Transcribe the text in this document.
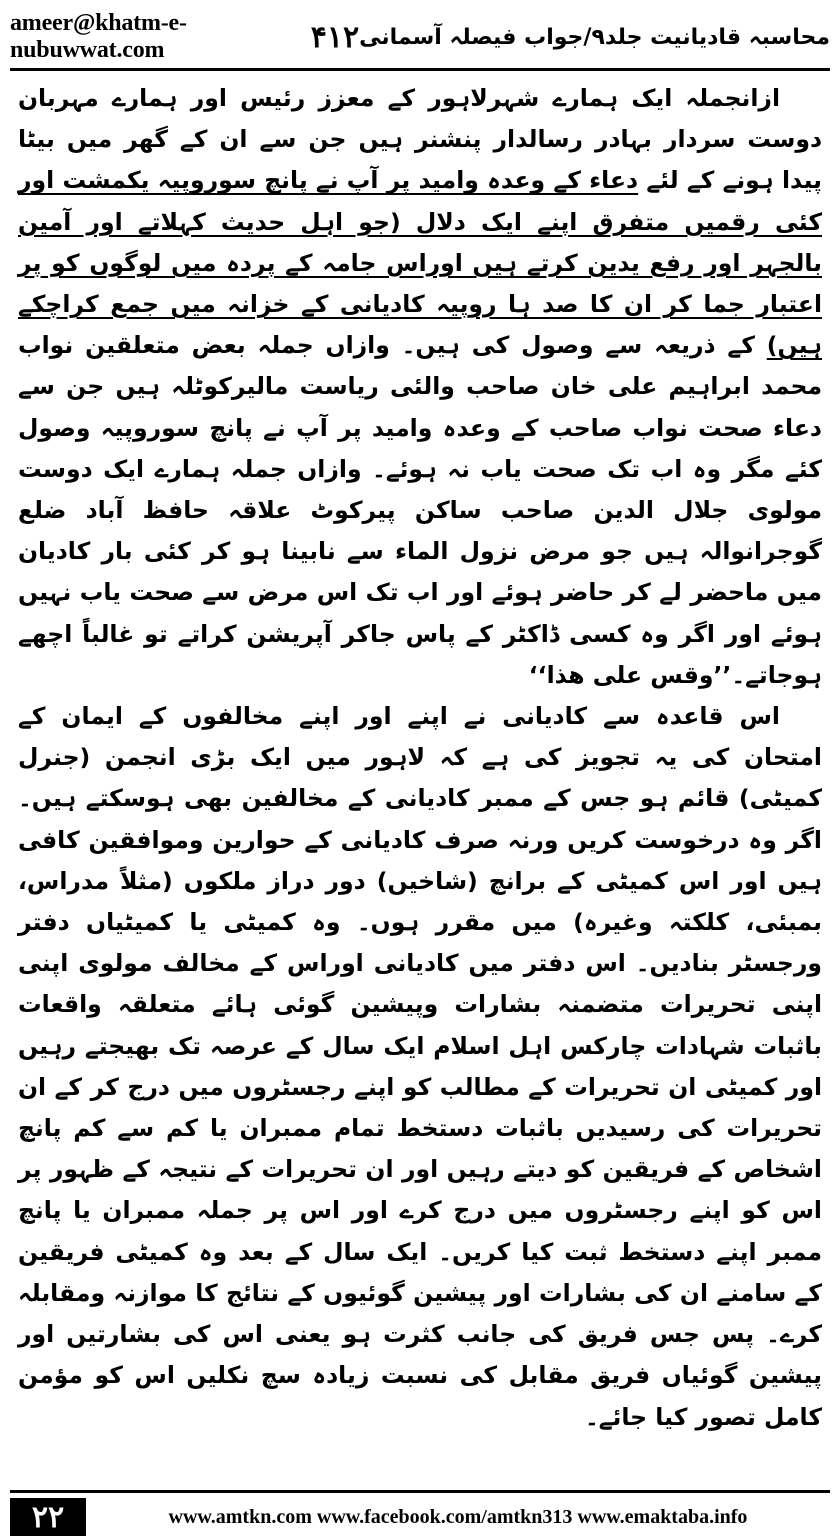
ameer@khatm-e-nubuwwat.com	۴۱۲ محاسبہ قادیانیت جلد۹/جواب فیصلہ آسمانی

ازانجملہ ایک ہمارے شہرلاہور کے معزز رئیس اور ہمارے مہربان دوست سردار بہادر رسالدار پنشنر ہیں جن سے ان کے گھر میں بیٹا پیدا ہونے کے لئے دعاء کے وعدہ وامید پر آپ نے پانچ سوروپیہ یکمشت اور کئی رقمیں متفرق اپنے ایک دلال (جو اہل حدیث کہلاتے اور آمین بالجہر اور رفع یدین کرتے ہیں اوراس جامہ کے پردہ میں لوگوں کو پر اعتبار جما کر ان کا صد ہا روپیہ کادیانی کے خزانہ میں جمع کراچکے ہیں) کے ذریعہ سے وصول کی ہیں۔ وازاں جملہ بعض متعلقین نواب محمد ابراہیم علی خان صاحب والئی ریاست مالیرکوٹلہ ہیں جن سے دعاء صحت نواب صاحب کے وعدہ وامید پر آپ نے پانچ سوروپیہ وصول کئے مگر وہ اب تک صحت یاب نہ ہوئے۔ وازاں جملہ ہمارے ایک دوست مولوی جلال الدین صاحب ساکن پیرکوٹ علاقہ حافظ آباد ضلع گوجرانوالہ ہیں جو مرض نزول الماء سے نابینا ہو کر کئی بار کادیان میں ماحضر لے کر حاضر ہوئے اور اب تک اس مرض سے صحت یاب نہیں ہوئے اور اگر وہ کسی ڈاکٹر کے پاس جاکر آپریشن کراتے تو غالباً اچھے ہوجاتے۔’’وقس علی ھذا‘‘

اس قاعدہ سے کادیانی نے اپنے اور اپنے مخالفوں کے ایمان کے امتحان کی یہ تجویز کی ہے کہ لاہور میں ایک بڑی انجمن (جنرل کمیٹی) قائم ہو جس کے ممبر کادیانی کے مخالفین بھی ہوسکتے ہیں۔ اگر وہ درخوست کریں ورنہ صرف کادیانی کے حوارین وموافقین کافی ہیں اور اس کمیٹی کے برانچ (شاخیں) دور دراز ملکوں (مثلاً مدراس، بمبئی، کلکتہ وغیرہ) میں مقرر ہوں۔ وہ کمیٹی یا کمیٹیاں دفتر ورجسٹر بنادیں۔ اس دفتر میں کادیانی اوراس کے مخالف مولوی اپنی اپنی تحریرات متضمنہ بشارات وپیشین گوئی ہائے متعلقہ واقعات باثبات شہادات چارکس اہل اسلام ایک سال کے عرصہ تک بھیجتے رہیں اور کمیٹی ان تحریرات کے مطالب کو اپنے رجسٹروں میں درج کر کے ان تحریرات کی رسیدیں باثبات دستخط تمام ممبران یا کم سے کم پانچ اشخاص کے فریقین کو دیتے رہیں اور ان تحریرات کے نتیجہ کے ظہور پر اس کو اپنے رجسٹروں میں درج کرے اور اس پر جملہ ممبران یا پانچ ممبر اپنے دستخط ثبت کیا کریں۔ ایک سال کے بعد وہ کمیٹی فریقین کے سامنے ان کی بشارات اور پیشین گوئیوں کے نتائج کا موازنہ ومقابلہ کرے۔ پس جس فریق کی جانب کثرت ہو یعنی اس کی بشارتیں اور پیشین گوئیاں فریق مقابل کی نسبت زیادہ سچ نکلیں اس کو مؤمن کامل تصور کیا جائے۔

۲۲	www.amtkn.com www.facebook.com/amtkn313 www.emaktaba.info
